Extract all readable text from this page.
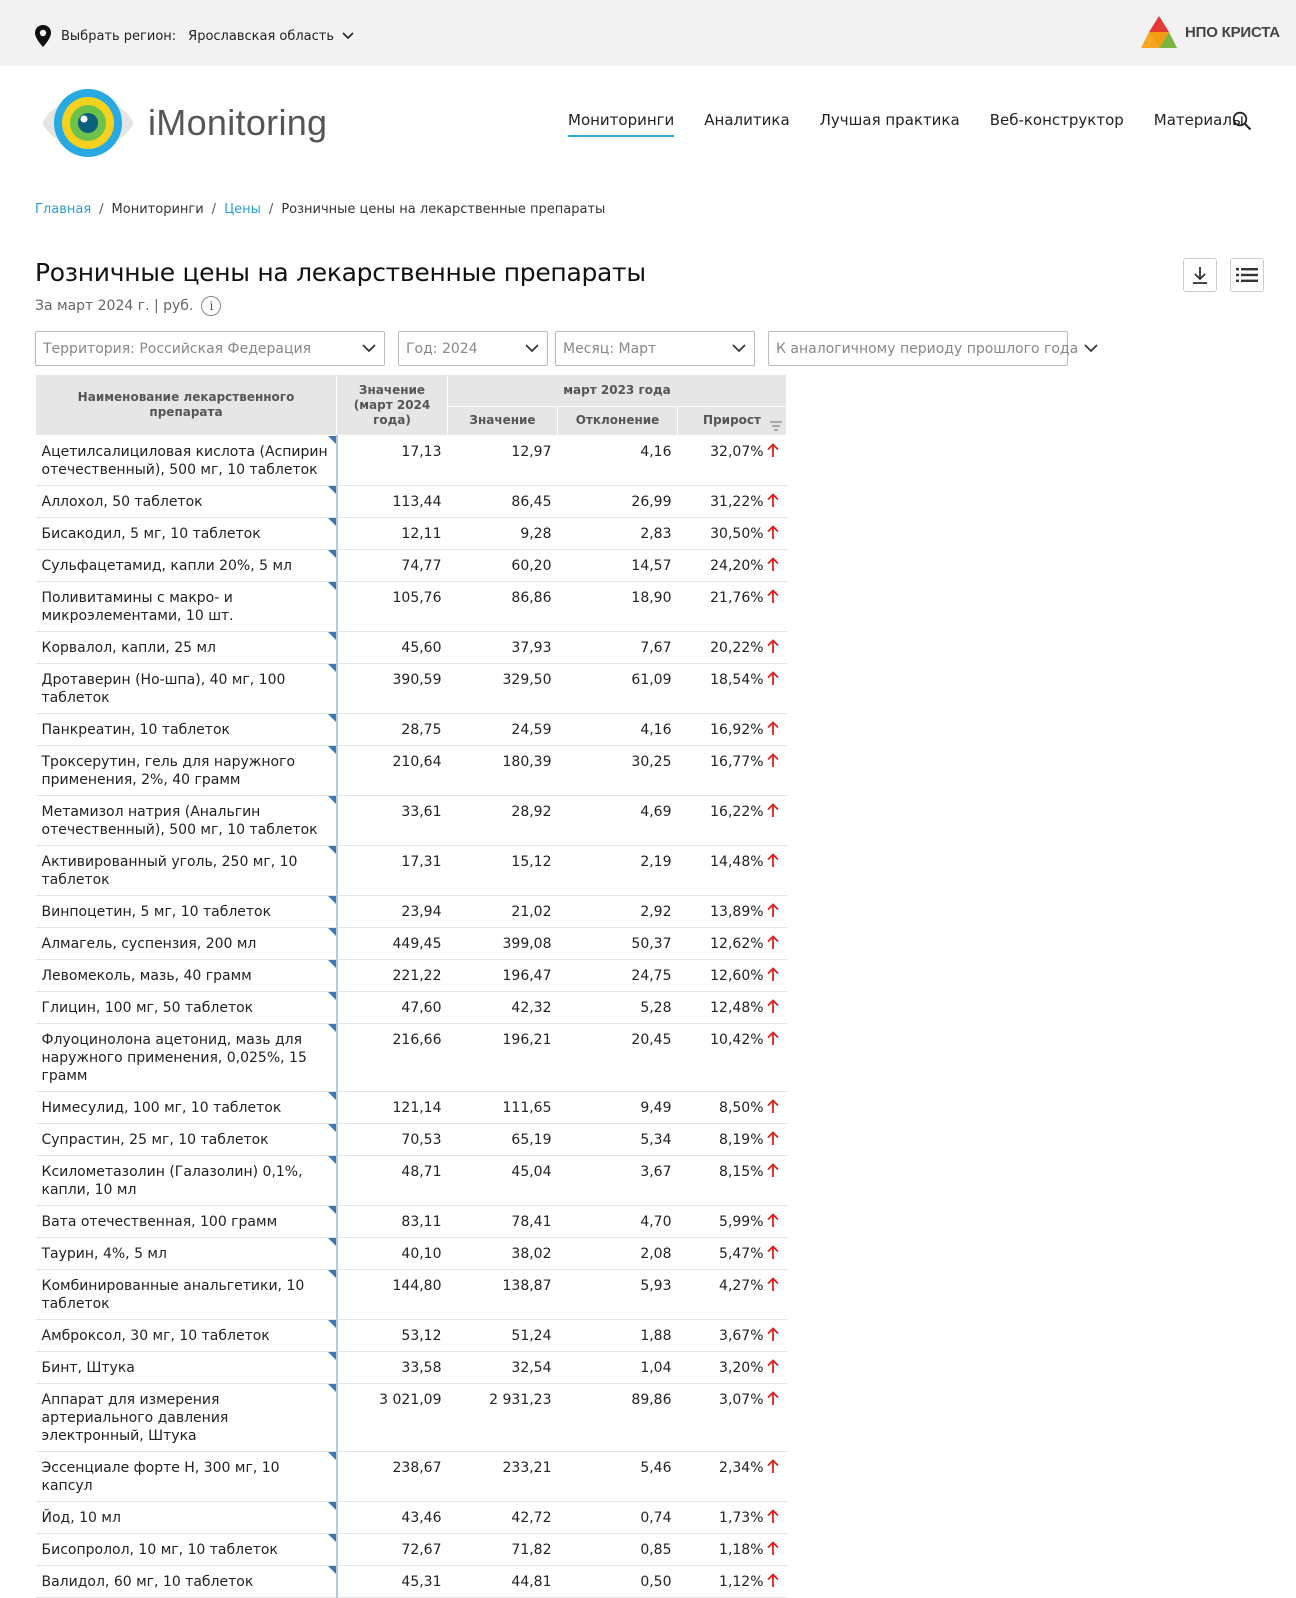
Выбрать регион: Ярославская область	НПО КРИСТА
iMonitoring	Мониторинги Аналитика Лучшая практика Веб-конструктор Материалы
Главная / Мониторинги / Цены / Розничные цены на лекарственные препараты
Розничные цены на лекарственные препараты
За март 2024 г. | руб.	i
Территория: Российская Федерация	Год: 2024	Месяц: Март	К аналогичному периоду прошлого года
Наименование лекарственного препарата	Значение (март 2024 года)	март 2023 года		
		Значение	Отклонение	Прирост

Ацетилсалициловая кислота (Аспирин отечественный), 500 мг, 10 таблеток	17,13	12,97	4,16	32,07%
Аллохол, 50 таблеток	113,44	86,45	26,99	31,22%
Бисакодил, 5 мг, 10 таблеток	12,11	9,28	2,83	30,50%
Сульфацетамид, капли 20%, 5 мл	74,77	60,20	14,57	24,20%
Поливитамины с макро- и микроэлементами, 10 шт.	105,76	86,86	18,90	21,76%
Корвалол, капли, 25 мл	45,60	37,93	7,67	20,22%
Дротаверин (Но-шпа), 40 мг, 100 таблеток	390,59	329,50	61,09	18,54%
Панкреатин, 10 таблеток	28,75	24,59	4,16	16,92%
Троксерутин, гель для наружного применения, 2%, 40 грамм	210,64	180,39	30,25	16,77%
Метамизол натрия (Анальгин отечественный), 500 мг, 10 таблеток	33,61	28,92	4,69	16,22%
Активированный уголь, 250 мг, 10 таблеток	17,31	15,12	2,19	14,48%
Винпоцетин, 5 мг, 10 таблеток	23,94	21,02	2,92	13,89%
Алмагель, суспензия, 200 мл	449,45	399,08	50,37	12,62%
Левомеколь, мазь, 40 грамм	221,22	196,47	24,75	12,60%
Глицин, 100 мг, 50 таблеток	47,60	42,32	5,28	12,48%
Флуоцинолона ацетонид, мазь для наружного применения, 0,025%, 15 грамм	216,66	196,21	20,45	10,42%
Нимесулид, 100 мг, 10 таблеток	121,14	111,65	9,49	8,50%
Супрастин, 25 мг, 10 таблеток	70,53	65,19	5,34	8,19%
Ксилометазолин (Галазолин) 0,1%, капли, 10 мл	48,71	45,04	3,67	8,15%
Вата отечественная, 100 грамм	83,11	78,41	4,70	5,99%
Таурин, 4%, 5 мл	40,10	38,02	2,08	5,47%
Комбинированные анальгетики, 10 таблеток	144,80	138,87	5,93	4,27%
Амброксол, 30 мг, 10 таблеток	53,12	51,24	1,88	3,67%
Бинт, Штука	33,58	32,54	1,04	3,20%
Аппарат для измерения артериального давления электронный, Штука	3 021,09	2 931,23	89,86	3,07%
Эссенциале форте Н, 300 мг, 10 капсул	238,67	233,21	5,46	2,34%
Йод, 10 мл	43,46	42,72	0,74	1,73%
Бисопролол, 10 мг, 10 таблеток	72,67	71,82	0,85	1,18%
Валидол, 60 мг, 10 таблеток	45,31	44,81	0,50	1,12%
